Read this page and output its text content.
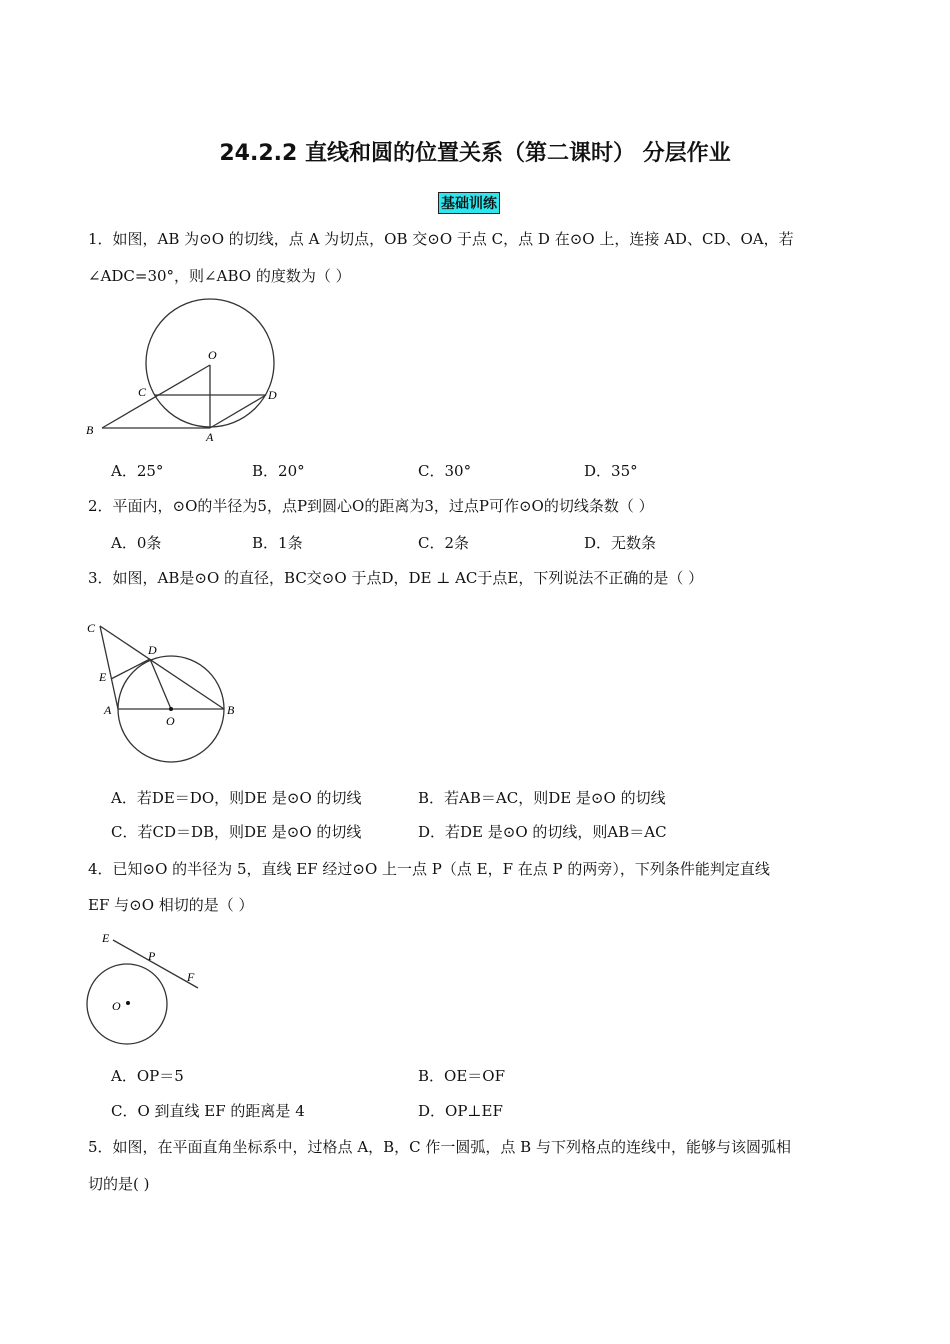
24.2.2 直线和圆的位置关系（第二课时） 分层作业
基础训练
1．如图，AB 为⊙O 的切线，点 A 为切点，OB 交⊙O 于点 C，点 D 在⊙O 上，连接 AD、CD、OA，若
∠ADC=30°，则∠ABO 的度数为（ ）
O
C	D
B	A
A．25°	B．20°	C．30°	D．35°
2．平面内，⊙O的半径为5，点P到圆心O的距离为3，过点P可作⊙O的切线条数（ ）
A．0条	B．1条	C．2条	D．无数条
3．如图，AB是⊙O 的直径，BC交⊙O 于点D，DE ⊥ AC于点E，下列说法不正确的是（ ）
C
D
E
A
O
B
A．若DE＝DO，则DE 是⊙O 的切线	B．若AB＝AC，则DE 是⊙O 的切线
C．若CD＝DB，则DE 是⊙O 的切线	D．若DE 是⊙O 的切线，则AB＝AC
4．已知⊙O 的半径为 5，直线 EF 经过⊙O 上一点 P（点 E，F 在点 P 的两旁），下列条件能判定直线
EF 与⊙O 相切的是（ ）
E
P
F
O
A．OP＝5	B．OE＝OF
C．O 到直线 EF 的距离是 4	D．OP⊥EF
5．如图，在平面直角坐标系中，过格点 A，B，C 作一圆弧，点 B 与下列格点的连线中，能够与该圆弧相
切的是( )
